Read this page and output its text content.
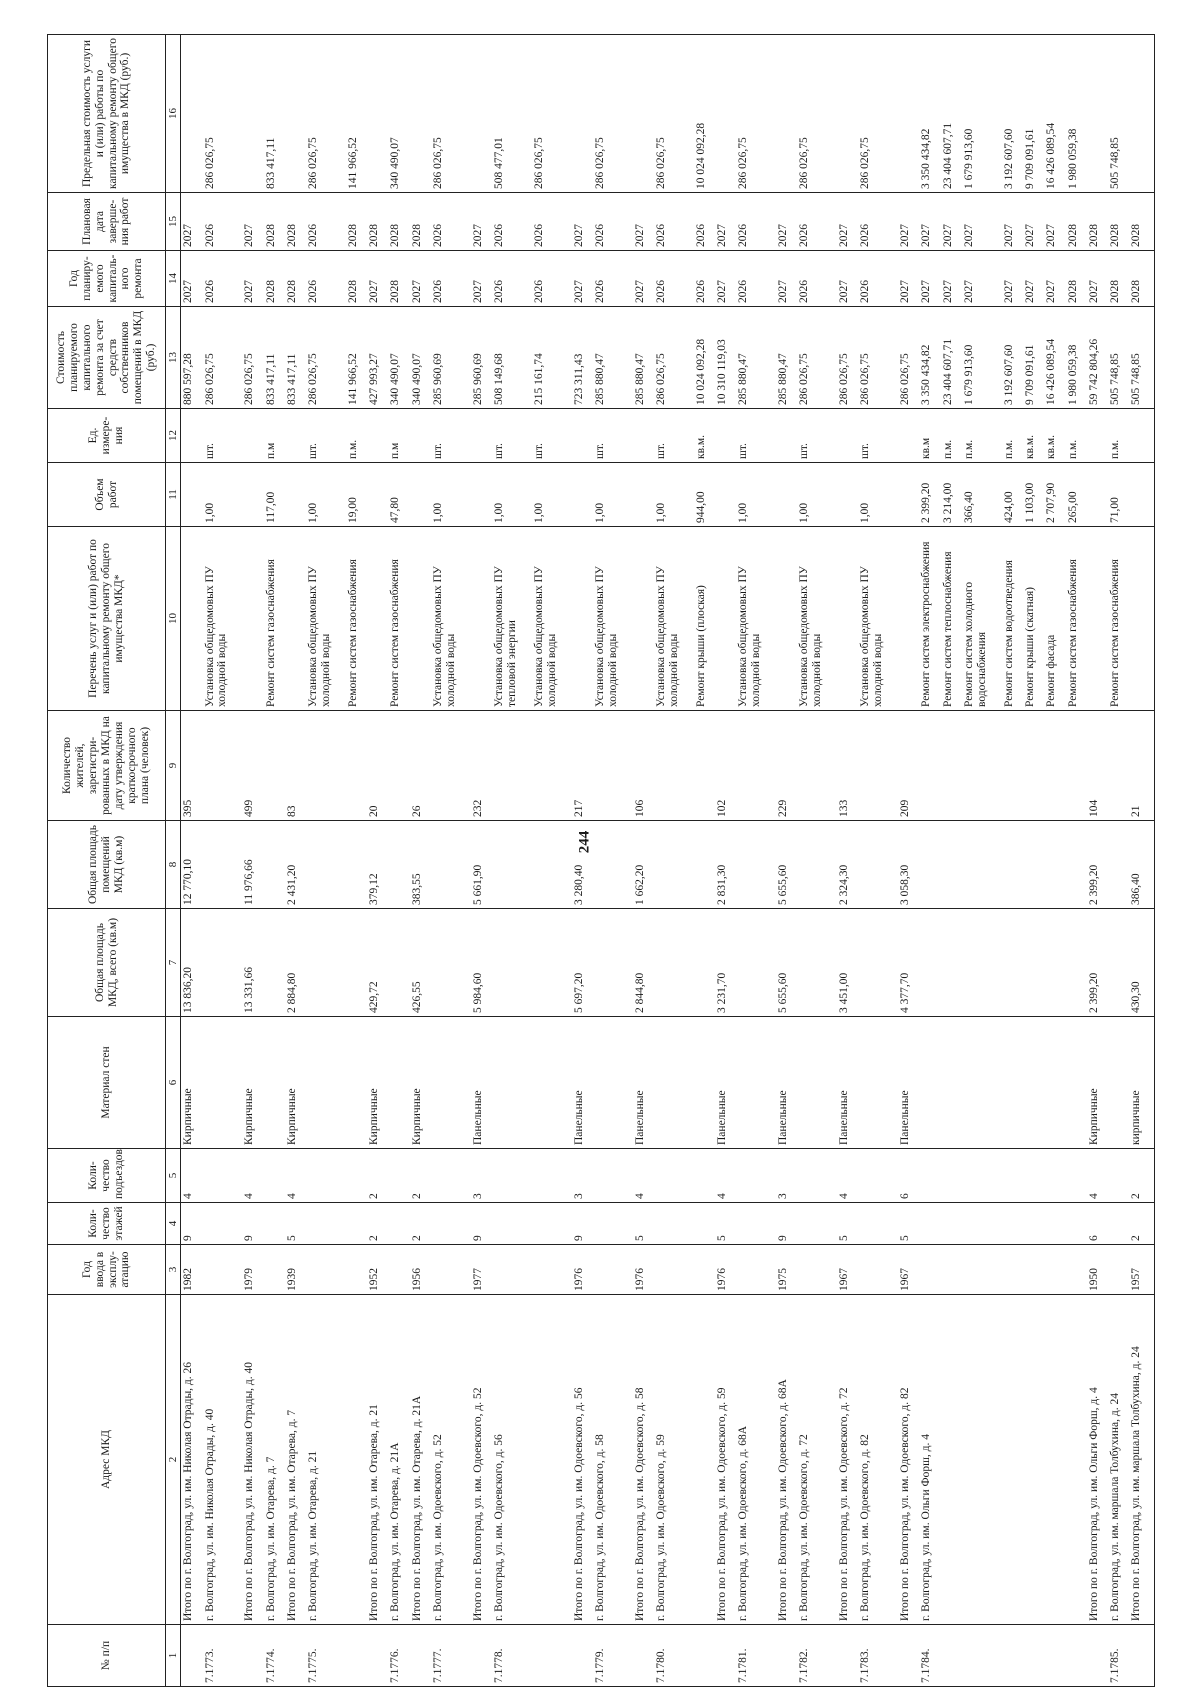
244
№ п/п	Адрес МКД	Год ввода в эксплу-атацию	Коли-чество этажей	Коли-чество подъездов	Материал стен	Общая площадь МКД, всего (кв.м)	Общая площадь помещений МКД (кв.м)	Количество жителей, зарегистри-рованных в МКД на дату утверждения краткосрочного плана (человек)	Перечень услуг и (или) работ по капитальному ремонту общего имущества МКД*	Объем работ	Ед. измере-ния	Стоимость планируемого капитального ремонта за счет средств собственников помещений в МКД (руб.)	Год планиру-емого капиталь-ного ремонта	Плановая дата заверше-ния работ	Предельная стоимость услуги и (или) работы по капитальному ремонту общего имущества в МКД (руб.)
1	2	3	4	5	6	7	8	9	10	11	12	13	14	15	16
	Итого по г. Волгоград, ул. им. Николая Отрады, д. 26	1982	9	4	Кирпичные	13 836,20	12 770,10	395				880 597,28	2027	2027	
7.1773.	г. Волгоград, ул. им. Николая Отрады, д. 40								Установка общедомовых ПУ холодной воды	1,00	шт.	286 026,75	2026	2026	286 026,75
	Итого по г. Волгоград, ул. им. Николая Отрады, д. 40	1979	9	4	Кирпичные	13 331,66	11 976,66	499				286 026,75	2027	2027	
7.1774.	г. Волгоград, ул. им. Отарева, д. 7								Ремонт систем газоснабжения	117,00	п.м	833 417,11	2028	2028	833 417,11
	Итого по г. Волгоград, ул. им. Отарева, д. 7	1939	5	4	Кирпичные	2 884,80	2 431,20	83				833 417,11	2028	2028	
7.1775.	г. Волгоград, ул. им. Отарева, д. 21								Установка общедомовых ПУ холодной воды	1,00	шт.	286 026,75	2026	2026	286 026,75
									Ремонт систем газоснабжения	19,00	п.м.	141 966,52	2028	2028	141 966,52
	Итого по г. Волгоград, ул. им. Отарева, д. 21	1952	2	2	Кирпичные	429,72	379,12	20				427 993,27	2027	2028	
7.1776.	г. Волгоград, ул. им. Отарева, д. 21А								Ремонт систем газоснабжения	47,80	п.м	340 490,07	2028	2028	340 490,07
	Итого по г. Волгоград, ул. им. Отарева, д. 21А	1956	2	2	Кирпичные	426,55	383,55	26				340 490,07	2027	2028	
7.1777.	г. Волгоград, ул. им. Одоевского, д. 52								Установка общедомовых ПУ холодной воды	1,00	шт.	285 960,69	2026	2026	286 026,75
	Итого по г. Волгоград, ул. им. Одоевского, д. 52	1977	9	3	Панельные	5 984,60	5 661,90	232				285 960,69	2027	2027	
7.1778.	г. Волгоград, ул. им. Одоевского, д. 56								Установка общедомовых ПУ тепловой энергии	1,00	шт.	508 149,68	2026	2026	508 477,01
									Установка общедомовых ПУ холодной воды	1,00	шт.	215 161,74	2026	2026	286 026,75
	Итого по г. Волгоград, ул. им. Одоевского, д. 56	1976	9	3	Панельные	5 697,20	3 280,40	217				723 311,43	2027	2027	
7.1779.	г. Волгоград, ул. им. Одоевского, д. 58								Установка общедомовых ПУ холодной воды	1,00	шт.	285 880,47	2026	2026	286 026,75
	Итого по г. Волгоград, ул. им. Одоевского, д. 58	1976	5	4	Панельные	2 844,80	1 662,20	106				285 880,47	2027	2027	
7.1780.	г. Волгоград, ул. им. Одоевского, д. 59								Установка общедомовых ПУ холодной воды	1,00	шт.	286 026,75	2026	2026	286 026,75
									Ремонт крыши (плоская)	944,00	кв.м.	10 024 092,28	2026	2026	10 024 092,28
	Итого по г. Волгоград, ул. им. Одоевского, д. 59	1976	5	4	Панельные	3 231,70	2 831,30	102				10 310 119,03	2027	2027	
7.1781.	г. Волгоград, ул. им. Одоевского, д. 68А								Установка общедомовых ПУ холодной воды	1,00	шт.	285 880,47	2026	2026	286 026,75
	Итого по г. Волгоград, ул. им. Одоевского, д. 68А	1975	9	3	Панельные	5 655,60	5 655,60	229				285 880,47	2027	2027	
7.1782.	г. Волгоград, ул. им. Одоевского, д. 72								Установка общедомовых ПУ холодной воды	1,00	шт.	286 026,75	2026	2026	286 026,75
	Итого по г. Волгоград, ул. им. Одоевского, д. 72	1967	5	4	Панельные	3 451,00	2 324,30	133				286 026,75	2027	2027	
7.1783.	г. Волгоград, ул. им. Одоевского, д. 82								Установка общедомовых ПУ холодной воды	1,00	шт.	286 026,75	2026	2026	286 026,75
	Итого по г. Волгоград, ул. им. Одоевского, д. 82	1967	5	6	Панельные	4 377,70	3 058,30	209				286 026,75	2027	2027	
7.1784.	г. Волгоград, ул. им. Ольги Форш, д. 4								Ремонт систем электроснабжения	2 399,20	кв.м	3 350 434,82	2027	2027	3 350 434,82
									Ремонт систем теплоснабжения	3 214,00	п.м.	23 404 607,71	2027	2027	23 404 607,71
									Ремонт систем холодного водоснабжения	366,40	п.м.	1 679 913,60	2027	2027	1 679 913,60
									Ремонт систем водоотведения	424,00	п.м.	3 192 607,60	2027	2027	3 192 607,60
									Ремонт крыши (скатная)	1 103,00	кв.м.	9 709 091,61	2027	2027	9 709 091,61
									Ремонт фасада	2 707,90	кв.м.	16 426 089,54	2027	2027	16 426 089,54
									Ремонт систем газоснабжения	265,00	п.м.	1 980 059,38	2028	2028	1 980 059,38
	Итого по г. Волгоград, ул. им. Ольги Форш, д. 4	1950	6	4	Кирпичные	2 399,20	2 399,20	104				59 742 804,26	2027	2028	
7.1785.	г. Волгоград, ул. им. маршала Толбухина, д. 24								Ремонт систем газоснабжения	71,00	п.м.	505 748,85	2028	2028	505 748,85
	Итого по г. Волгоград, ул. им. маршала Толбухина, д. 24	1957	2	2	кирпичные	430,30	386,40	21				505 748,85	2028	2028	
